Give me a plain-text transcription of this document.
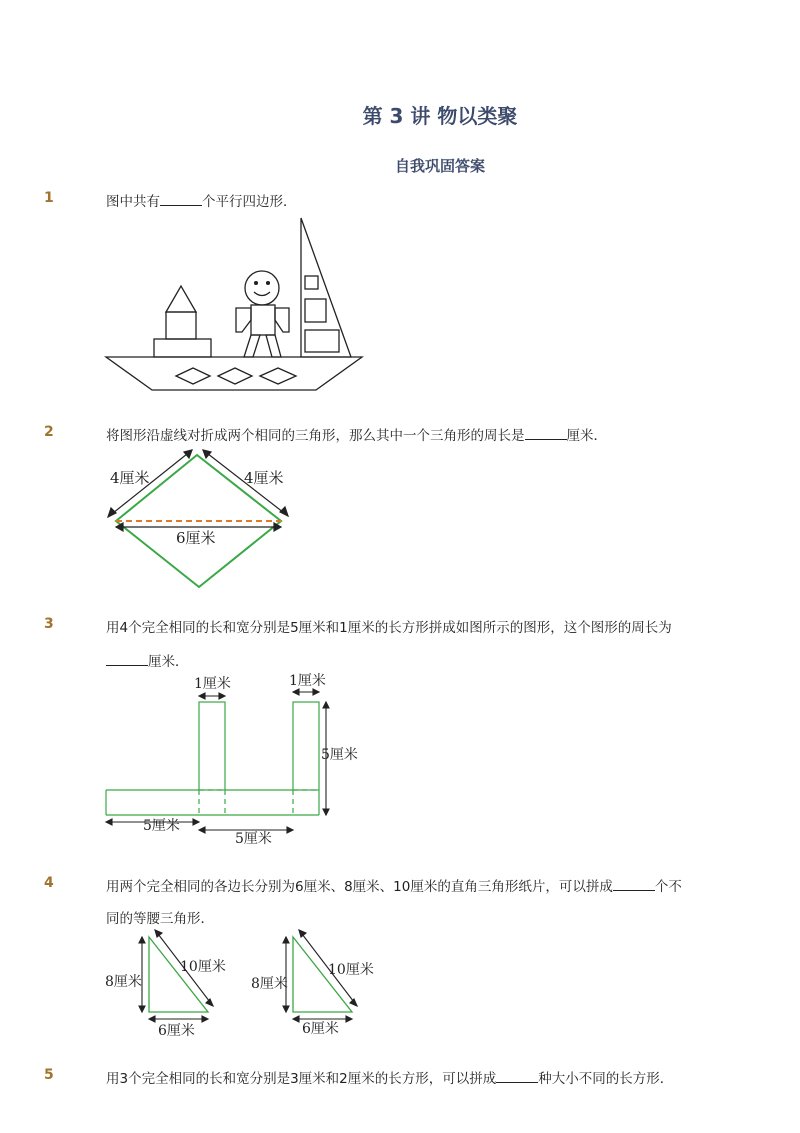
第 3 讲 物以类聚
自我巩固答案
1	图中共有	个平行四边形．
2	将图形沿虚线对折成两个相同的三角形，那么其中一个三角形的周长是	厘米．
4厘米	4厘米
6厘米
3	用4个完全相同的长和宽分别是5厘米和1厘米的长方形拼成如图所示的图形，这个图形的周长为
厘米．
1厘米	1厘米
5厘米
5厘米
5厘米
4	用两个完全相同的各边长分别为6厘米、8厘米、10厘米的直角三角形纸片，可以拼成	个不
同的等腰三角形．
8厘米
10厘米
6厘米
8厘米
10厘米
6厘米
5	用3个完全相同的长和宽分别是3厘米和2厘米的长方形，可以拼成	种大小不同的长方形．
